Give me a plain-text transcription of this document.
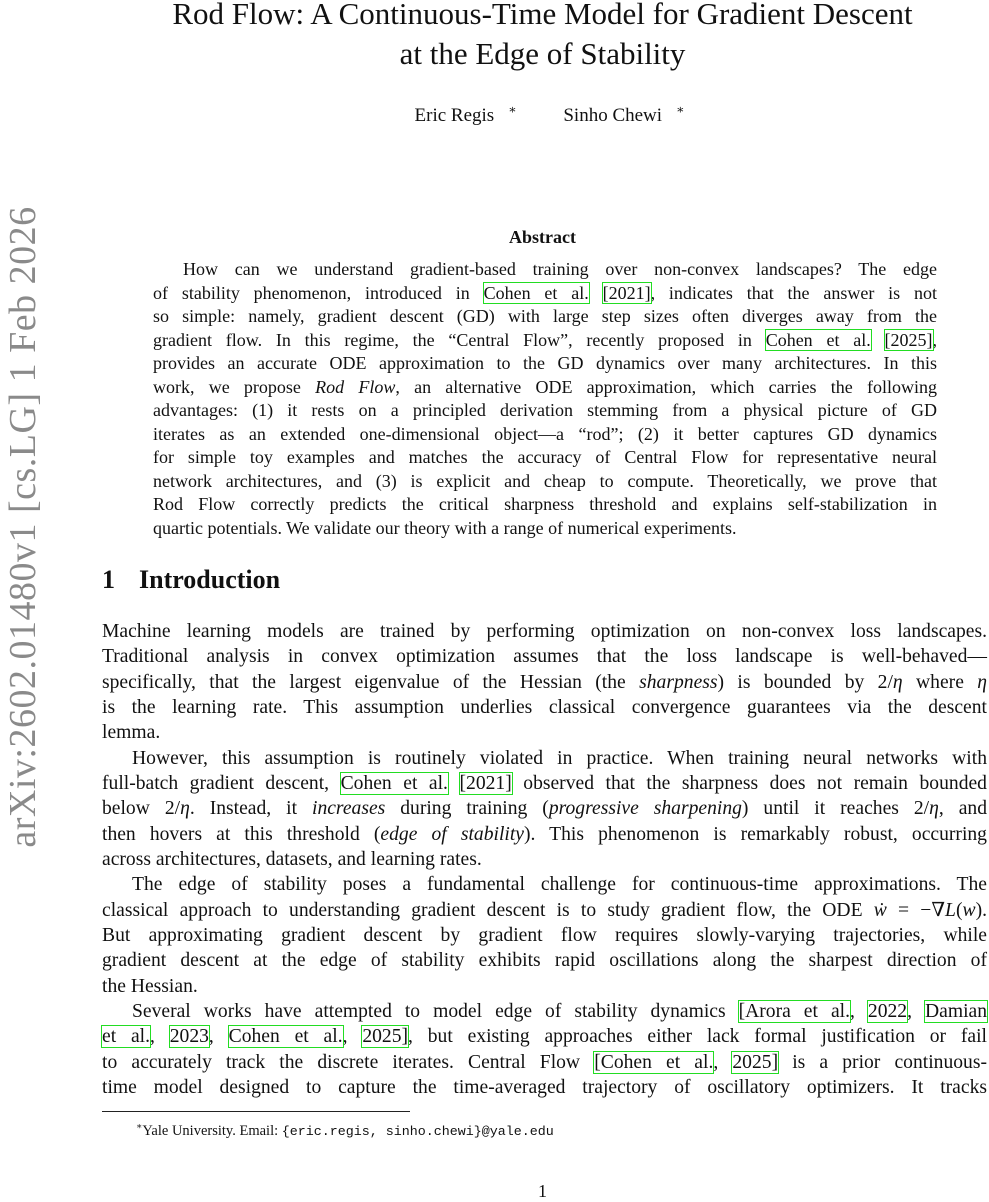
arXiv:2602.01480v1 [cs.LG] 1 Feb 2026
Rod Flow: A Continuous-Time Model for Gradient Descent
at the Edge of Stability
Eric Regis ∗ Sinho Chewi ∗
Abstract
How can we understand gradient-based training over non-convex landscapes? The edge
of stability phenomenon, introduced in Cohen et al. [2021], indicates that the answer is not
so simple: namely, gradient descent (GD) with large step sizes often diverges away from the
gradient flow. In this regime, the “Central Flow”, recently proposed in Cohen et al. [2025],
provides an accurate ODE approximation to the GD dynamics over many architectures. In this
work, we propose Rod Flow, an alternative ODE approximation, which carries the following
advantages: (1) it rests on a principled derivation stemming from a physical picture of GD
iterates as an extended one-dimensional object—a “rod”; (2) it better captures GD dynamics
for simple toy examples and matches the accuracy of Central Flow for representative neural
network architectures, and (3) is explicit and cheap to compute. Theoretically, we prove that
Rod Flow correctly predicts the critical sharpness threshold and explains self-stabilization in
quartic potentials. We validate our theory with a range of numerical experiments.
1 Introduction
Machine learning models are trained by performing optimization on non-convex loss landscapes.
Traditional analysis in convex optimization assumes that the loss landscape is well-behaved—
specifically, that the largest eigenvalue of the Hessian (the sharpness) is bounded by 2/η where η
is the learning rate. This assumption underlies classical convergence guarantees via the descent
lemma.
However, this assumption is routinely violated in practice. When training neural networks with
full-batch gradient descent, Cohen et al. [2021] observed that the sharpness does not remain bounded
below 2/η. Instead, it increases during training (progressive sharpening) until it reaches 2/η, and
then hovers at this threshold (edge of stability). This phenomenon is remarkably robust, occurring
across architectures, datasets, and learning rates.
The edge of stability poses a fundamental challenge for continuous-time approximations. The
classical approach to understanding gradient descent is to study gradient flow, the ODE ẇ = −∇L(w).
But approximating gradient descent by gradient flow requires slowly-varying trajectories, while
gradient descent at the edge of stability exhibits rapid oscillations along the sharpest direction of
the Hessian.
Several works have attempted to model edge of stability dynamics [Arora et al., 2022, Damian
et al., 2023, Cohen et al., 2025], but existing approaches either lack formal justification or fail
to accurately track the discrete iterates. Central Flow [Cohen et al., 2025] is a prior continuous-
time model designed to capture the time-averaged trajectory of oscillatory optimizers. It tracks
∗Yale University. Email: {eric.regis, sinho.chewi}@yale.edu
1
